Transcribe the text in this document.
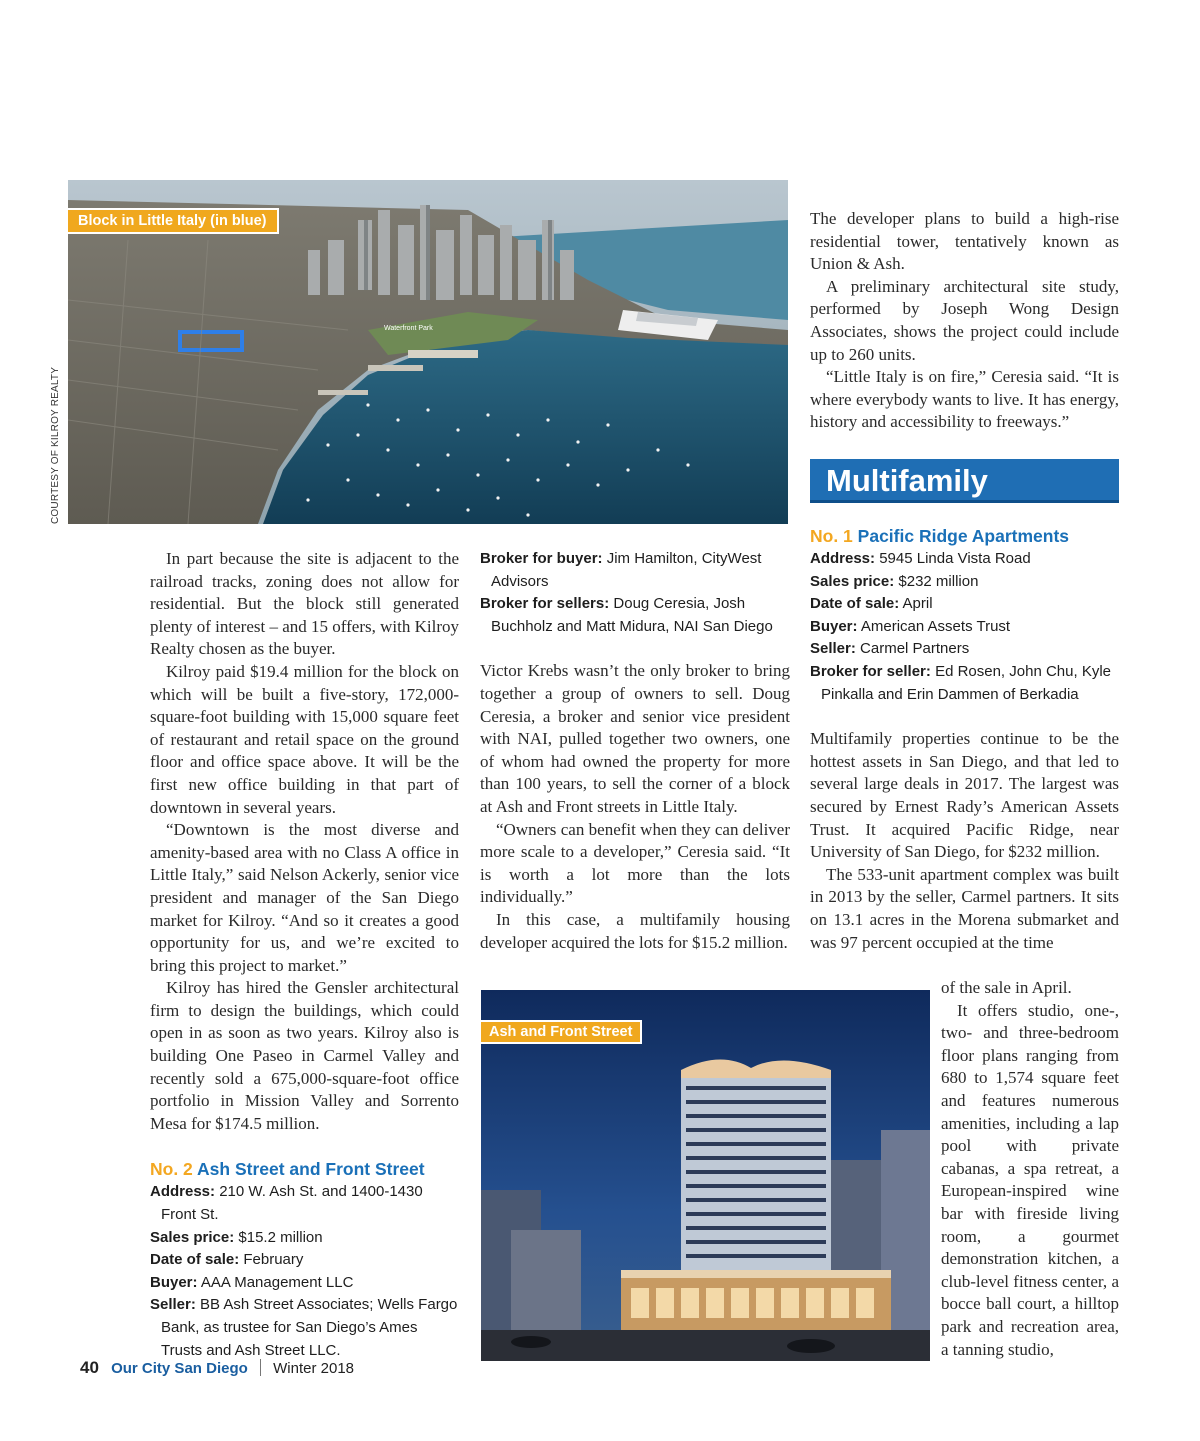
Waterfront Park
Block in Little Italy (in blue)
COURTESY OF KILROY REALTY

In part because the site is adjacent to the railroad tracks, zoning does not allow for residential. But the block still generated plenty of interest – and 15 offers, with Kilroy Realty chosen as the buyer.

Kilroy paid $19.4 million for the block on which will be built a five-story, 172,000-square-foot building with 15,000 square feet of restaurant and retail space on the ground floor and office space above. It will be the first new office building in that part of downtown in several years.

“Downtown is the most diverse and amenity-based area with no Class A office in Little Italy,” said Nelson Ackerly, senior vice president and manager of the San Diego market for Kilroy. “And so it creates a good opportunity for us, and we’re excited to bring this project to market.”

Kilroy has hired the Gensler architectural firm to design the buildings, which could open in as soon as two years. Kilroy also is building One Paseo in Carmel Valley and recently sold a 675,000-square-foot office portfolio in Mission Valley and Sorrento Mesa for $174.5 million.

No. 2 Ash Street and Front Street
Address: 210 W. Ash St. and 1400-1430 Front St.
Sales price: $15.2 million
Date of sale: February
Buyer: AAA Management LLC
Seller: BB Ash Street Associates; Wells Fargo Bank, as trustee for San Diego’s Ames Trusts and Ash Street LLC.
Broker for buyer: Jim Hamilton, CityWest Advisors
Broker for sellers: Doug Ceresia, Josh Buchholz and Matt Midura, NAI San Diego

Victor Krebs wasn’t the only broker to bring together a group of owners to sell. Doug Ceresia, a broker and senior vice president with NAI, pulled together two owners, one of whom had owned the property for more than 100 years, to sell the corner of a block at Ash and Front streets in Little Italy.

“Owners can benefit when they can deliver more scale to a developer,” Ceresia said. “It is worth a lot more than the lots individually.”

In this case, a multifamily housing developer acquired the lots for $15.2 million.

Ash and Front Street

The developer plans to build a high-rise residential tower, tentatively known as Union & Ash.

A preliminary architectural site study, performed by Joseph Wong Design Associates, shows the project could include up to 260 units.

“Little Italy is on fire,” Ceresia said. “It is where everybody wants to live. It has energy, history and accessibility to freeways.”

Multifamily
No. 1 Pacific Ridge Apartments
Address: 5945 Linda Vista Road
Sales price: $232 million
Date of sale: April
Buyer: American Assets Trust
Seller: Carmel Partners
Broker for seller: Ed Rosen, John Chu, Kyle Pinkalla and Erin Dammen of Berkadia

Multifamily properties continue to be the hottest assets in San Diego, and that led to several large deals in 2017. The largest was secured by Ernest Rady’s American Assets Trust. It acquired Pacific Ridge, near University of San Diego, for $232 million.

The 533-unit apartment complex was built in 2013 by the seller, Carmel partners. It sits on 13.1 acres in the Morena submarket and was 97 percent occupied at the time

of the sale in April.

It offers studio, one-, two- and three-bedroom floor plans ranging from 680 to 1,574 square feet and features numerous amenities, including a lap pool with private cabanas, a spa retreat, a European-inspired wine bar with fireside living room, a gourmet demonstration kitchen, a club-level fitness center, a bocce ball court, a hilltop park and recreation area, a tanning studio,

40 Our City San Diego Winter 2018
